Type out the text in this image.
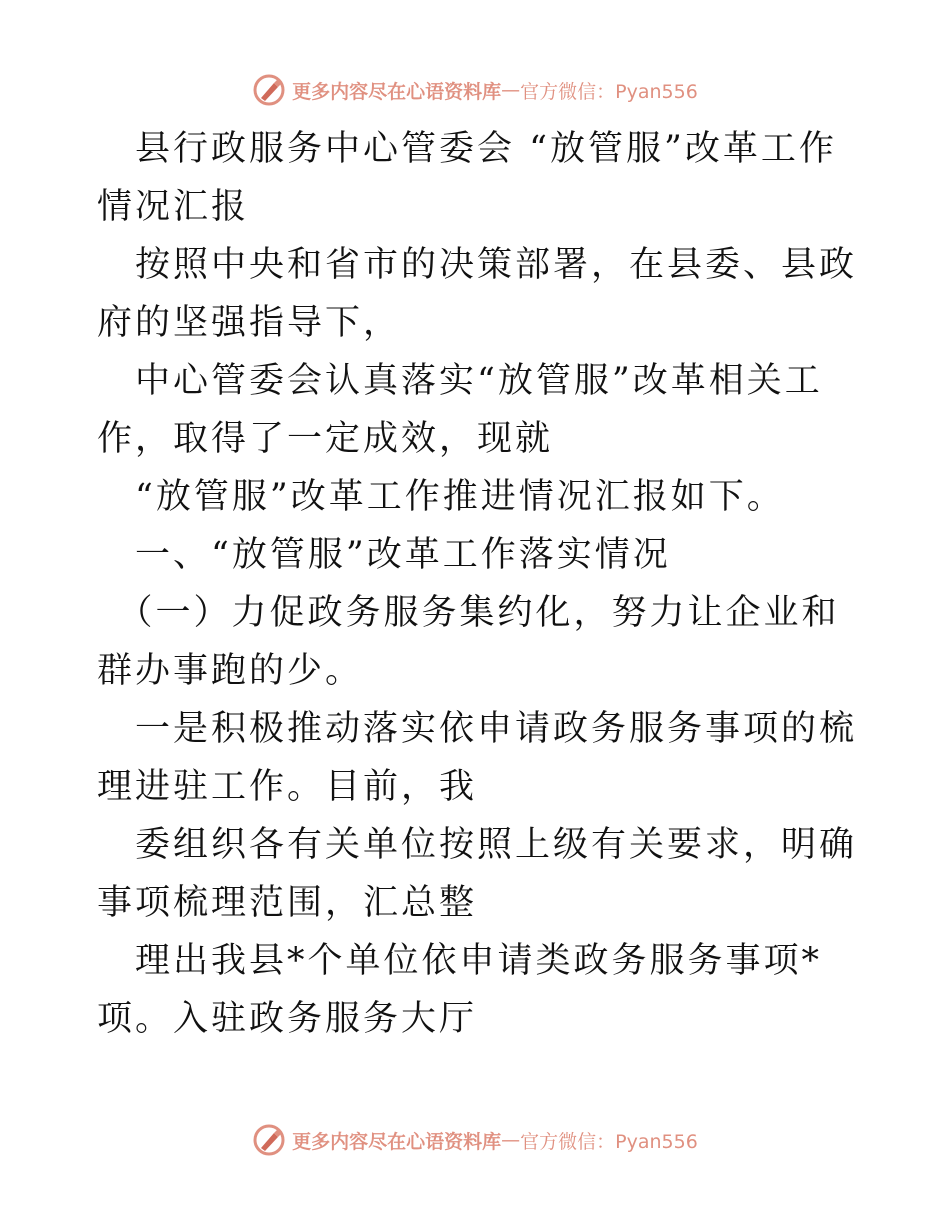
更多内容尽在心语资料库 — 官方微信：Pyan556

　县行政服务中心管委会 “放管服”改革工作情况汇报

　按照中央和省市的决策部署，在县委、县政府的坚强指导下，

　中心管委会认真落实“放管服”改革相关工作，取得了一定成效，现就

　“放管服”改革工作推进情况汇报如下。

　一、“放管服”改革工作落实情况

　（一）力促政务服务集约化，努力让企业和群办事跑的少。

　一是积极推动落实依申请政务服务事项的梳理进驻工作。目前，我

　委组织各有关单位按照上级有关要求，明确事项梳理范围，汇总整

　理出我县*个单位依申请类政务服务事项*项。入驻政务服务大厅

更多内容尽在心语资料库 — 官方微信：Pyan556
